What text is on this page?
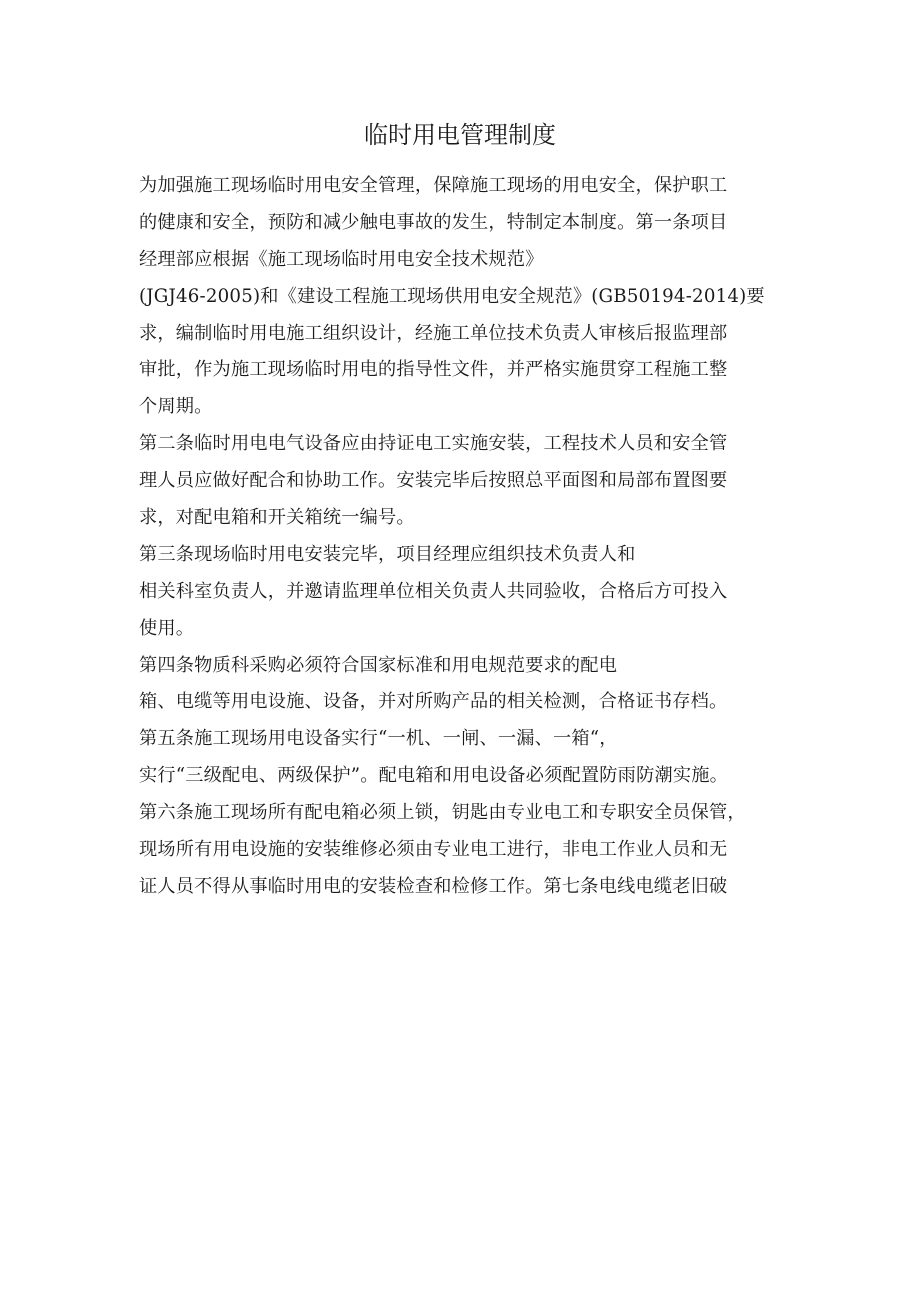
临时用电管理制度
为加强施工现场临时用电安全管理，保障施工现场的用电安全，保护职工
的健康和安全，预防和减少触电事故的发生，特制定本制度。第一条项目
经理部应根据《施工现场临时用电安全技术规范》
(JGJ46-2005)和《建设工程施工现场供用电安全规范》(GB50194-2014)要
求，编制临时用电施工组织设计，经施工单位技术负责人审核后报监理部
审批，作为施工现场临时用电的指导性文件，并严格实施贯穿工程施工整
个周期。
第二条临时用电电气设备应由持证电工实施安装，工程技术人员和安全管
理人员应做好配合和协助工作。安装完毕后按照总平面图和局部布置图要
求，对配电箱和开关箱统一编号。
第三条现场临时用电安装完毕，项目经理应组织技术负责人和
相关科室负责人，并邀请监理单位相关负责人共同验收，合格后方可投入
使用。
第四条物质科采购必须符合国家标准和用电规范要求的配电
箱、电缆等用电设施、设备，并对所购产品的相关检测，合格证书存档。
第五条施工现场用电设备实行“一机、一闸、一漏、一箱“，
实行“三级配电、两级保护”。配电箱和用电设备必须配置防雨防潮实施。
第六条施工现场所有配电箱必须上锁，钥匙由专业电工和专职安全员保管，
现场所有用电设施的安装维修必须由专业电工进行，非电工作业人员和无
证人员不得从事临时用电的安装检查和检修工作。第七条电线电缆老旧破
